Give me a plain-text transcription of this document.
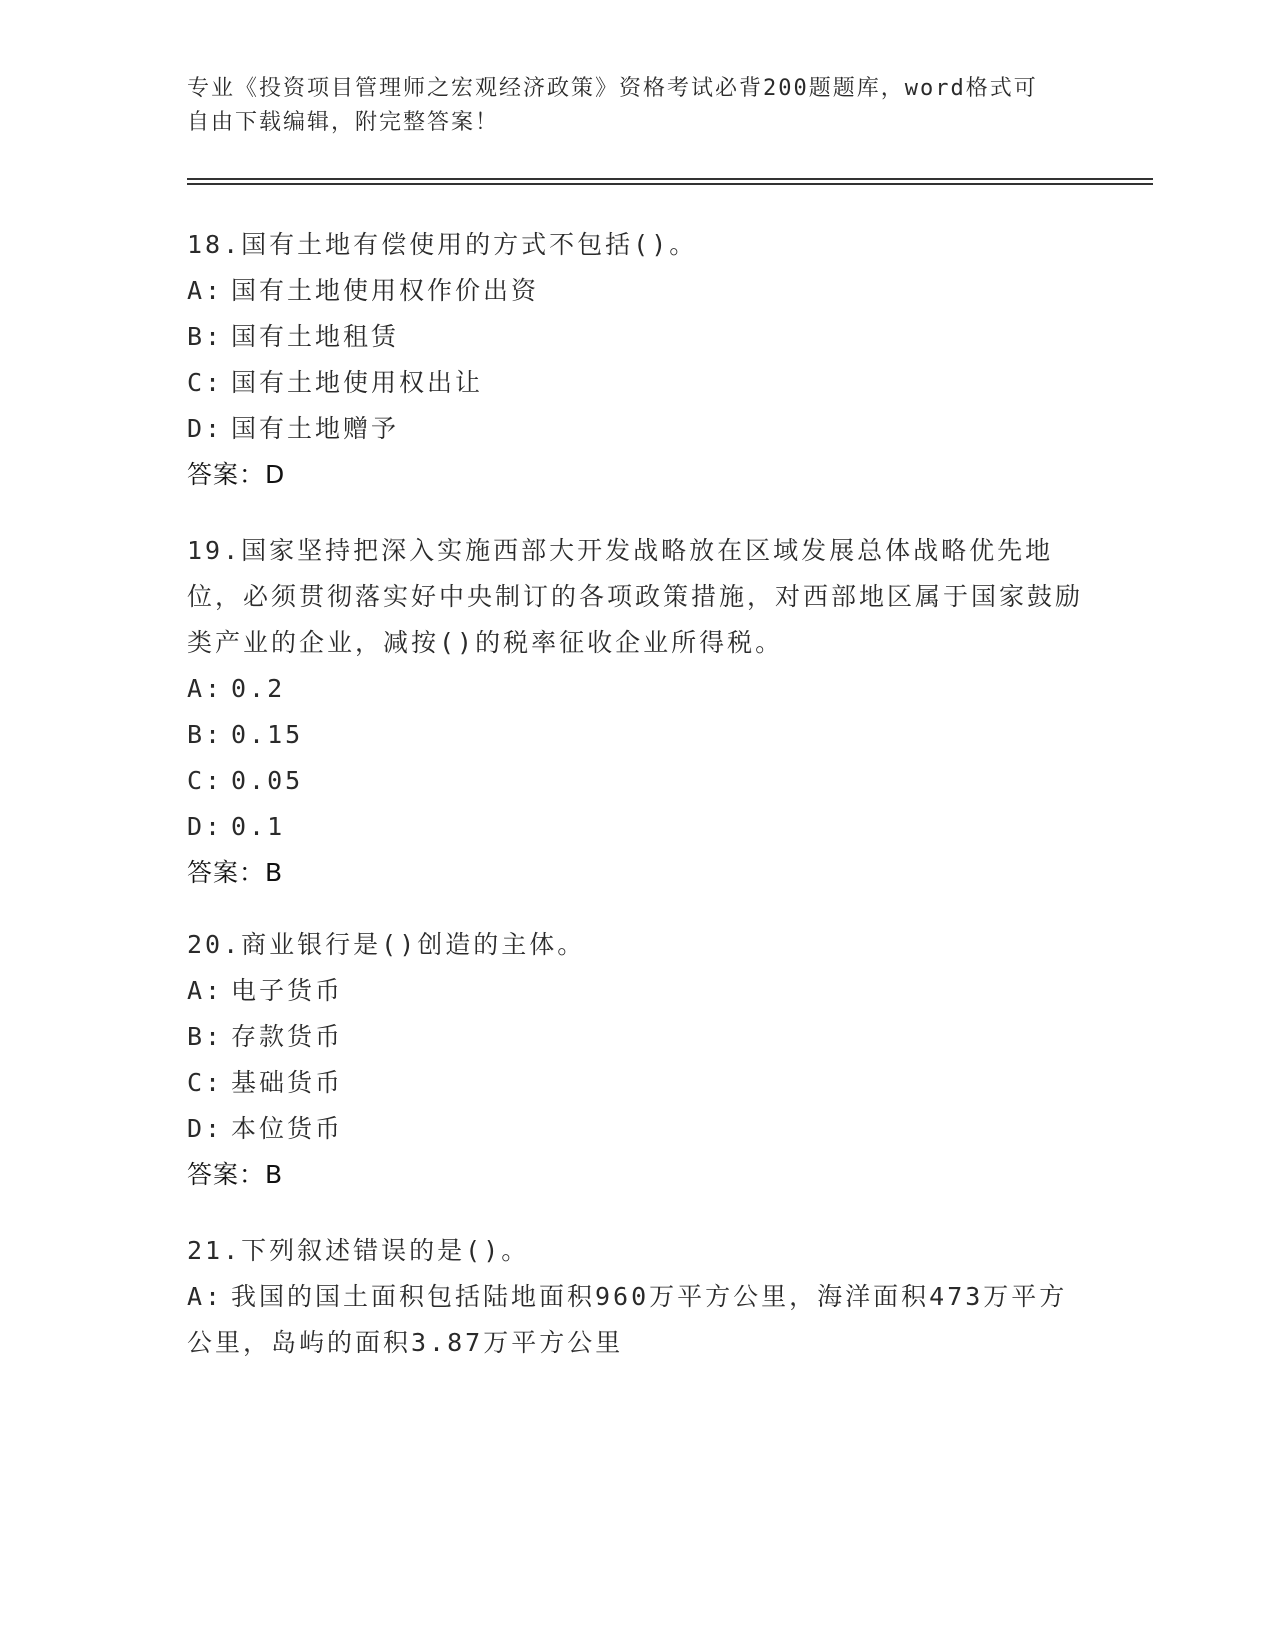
专业《投资项目管理师之宏观经济政策》资格考试必背200题题库，word格式可
自由下载编辑，附完整答案！

18.国有土地有偿使用的方式不包括()。

A: 国有土地使用权作价出资

B: 国有土地租赁

C: 国有土地使用权出让

D: 国有土地赠予

答案：D

19.国家坚持把深入实施西部大开发战略放在区域发展总体战略优先地位，必须贯彻落实好中央制订的各项政策措施，对西部地区属于国家鼓励类产业的企业，减按()的税率征收企业所得税。

A: 0.2

B: 0.15

C: 0.05

D: 0.1

答案：B

20.商业银行是()创造的主体。

A: 电子货币

B: 存款货币

C: 基础货币

D: 本位货币

答案：B

21.下列叙述错误的是()。

A: 我国的国土面积包括陆地面积960万平方公里，海洋面积473万平方公里，岛屿的面积3.87万平方公里
